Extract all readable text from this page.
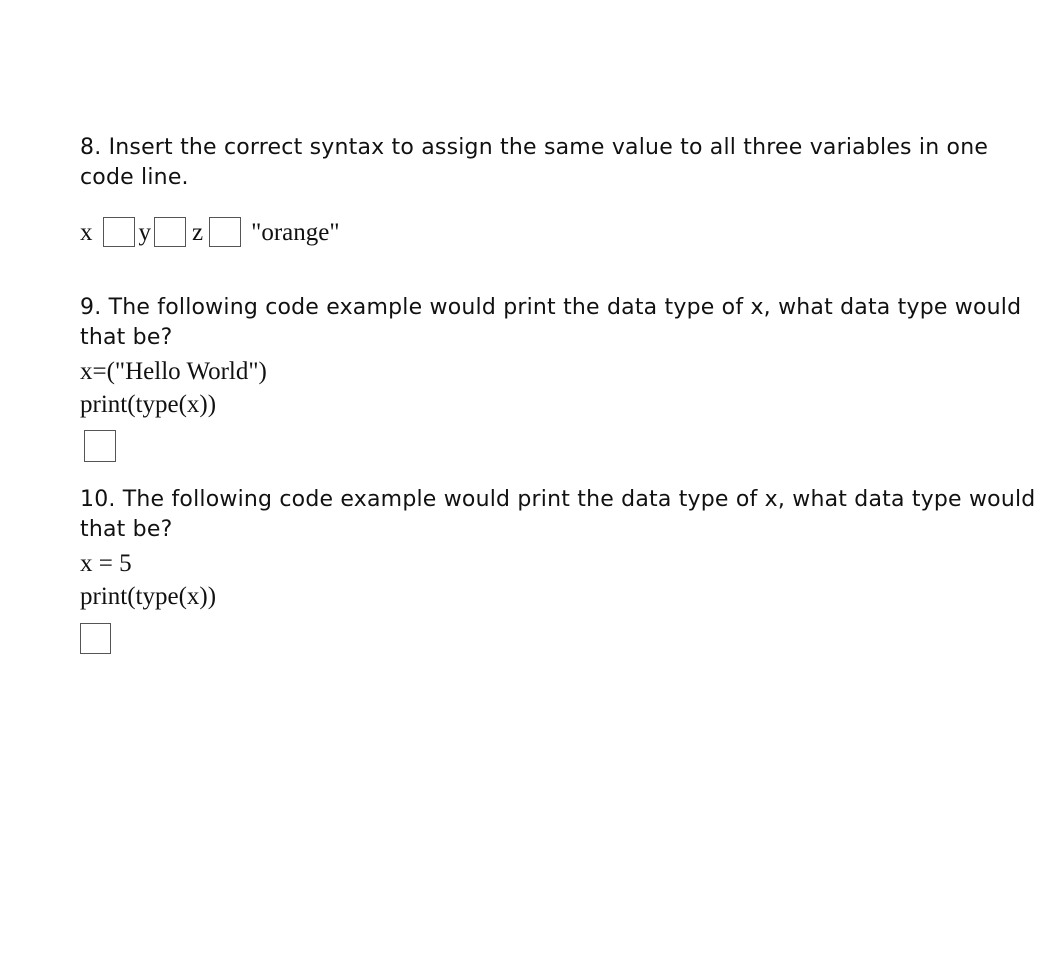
8. Insert the correct syntax to assign the same value to all three variables in one code line.

x y z "orange"

9. The following code example would print the data type of x, what data type would that be?

x=("Hello World")

print(type(x))

10. The following code example would print the data type of x, what data type would that be?

x = 5

print(type(x))
